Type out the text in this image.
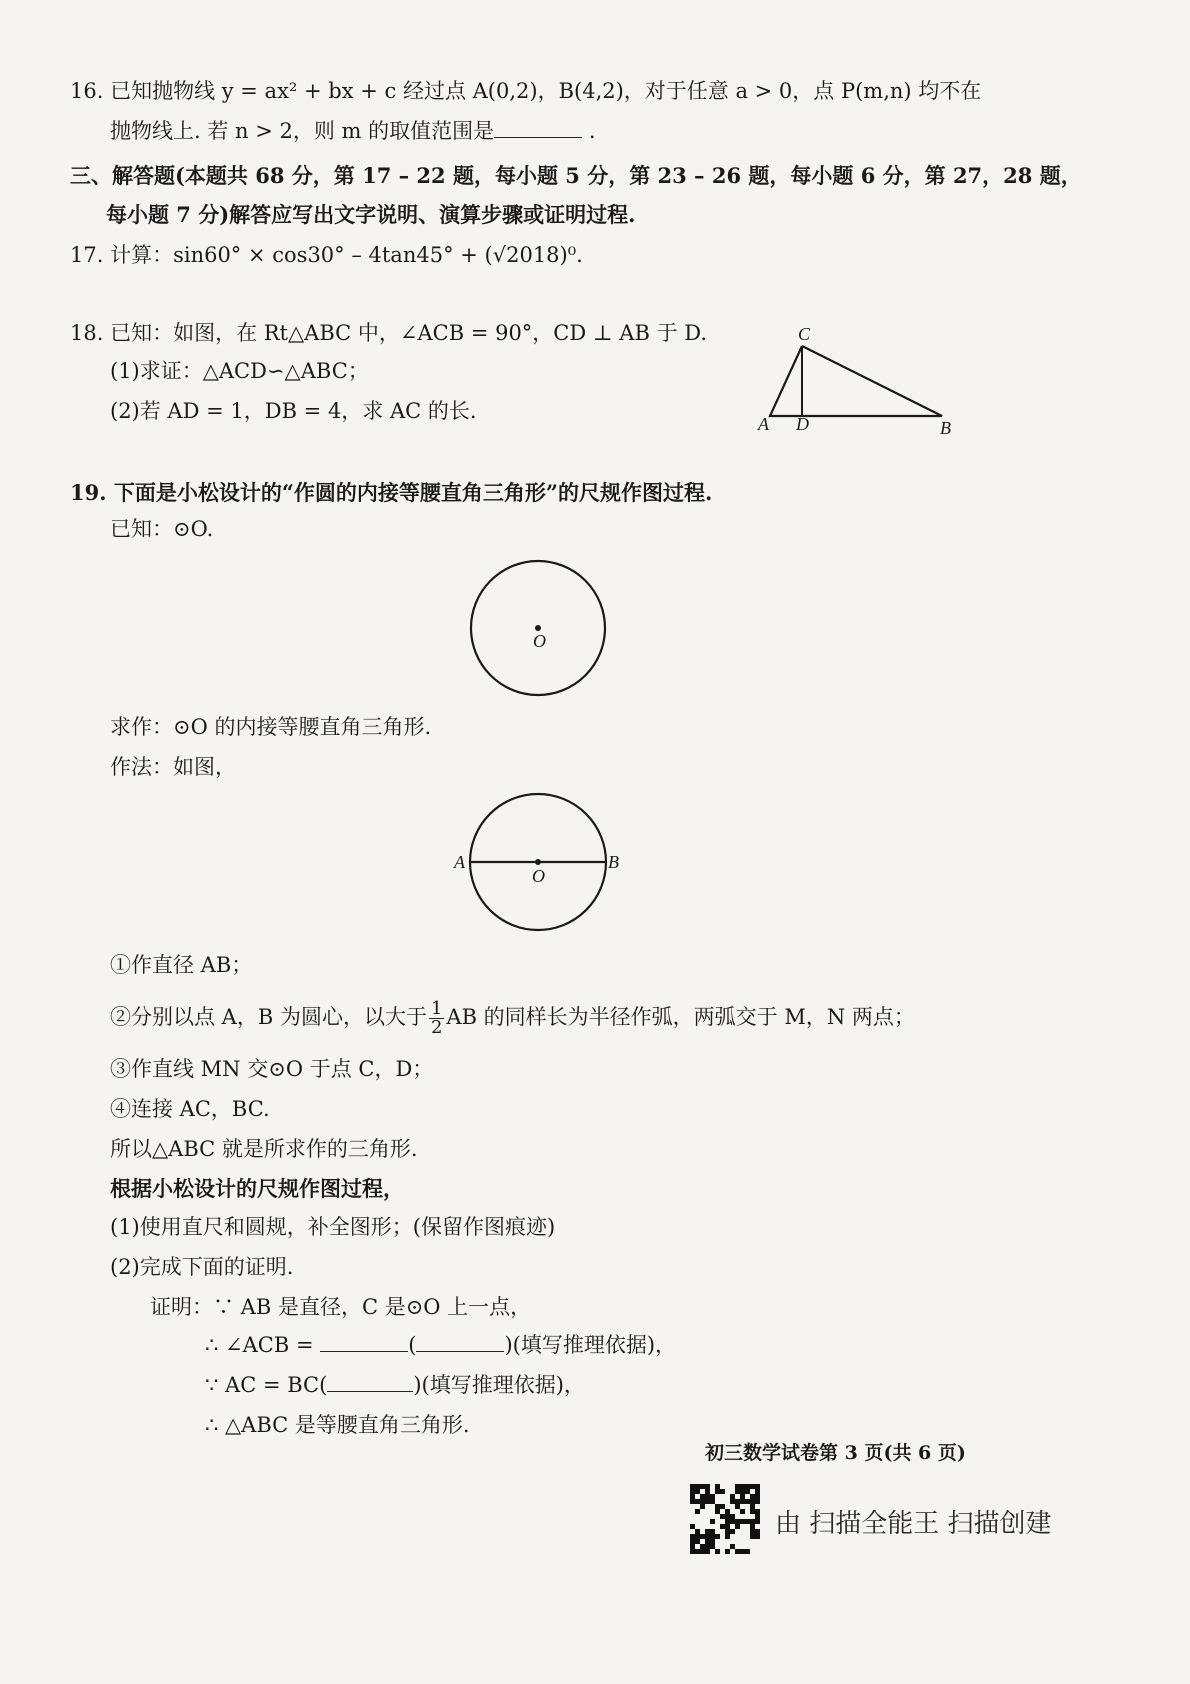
16. 已知抛物线 y = ax² + bx + c 经过点 A(0,2)，B(4,2)，对于任意 a > 0，点 P(m,n) 均不在
抛物线上. 若 n > 2，则 m 的取值范围是	.
三、解答题(本题共 68 分，第 17 – 22 题，每小题 5 分，第 23 – 26 题，每小题 6 分，第 27，28 题，
每小题 7 分)解答应写出文字说明、演算步骤或证明过程.
17. 计算：sin60° × cos30° – 4tan45° + (√2018)⁰.
18. 已知：如图，在 Rt△ABC 中，∠ACB = 90°，CD ⊥ AB 于 D.
(1)求证：△ACD∽△ABC；
(2)若 AD = 1，DB = 4，求 AC 的长.
C
A D	B
19. 下面是小松设计的“作圆的内接等腰直角三角形”的尺规作图过程.
已知：⊙O.
O
求作：⊙O 的内接等腰直角三角形.
作法：如图，
A
O
B
①作直径 AB；
②分别以点 A，B 为圆心，以大于 $\frac{1}{2}$ AB 的同样长为半径作弧，两弧交于 M，N 两点；
③作直线 MN 交⊙O 于点 C，D；
④连接 AC，BC.
所以△ABC 就是所求作的三角形.
根据小松设计的尺规作图过程，
(1)使用直尺和圆规，补全图形；(保留作图痕迹)
(2)完成下面的证明.
证明：∵ AB 是直径，C 是⊙O 上一点，
∴ ∠ACB =	(	)(填写推理依据)，
∵ AC = BC(	)(填写推理依据)，
∴ △ABC 是等腰直角三角形.
初三数学试卷第 3 页(共 6 页)
由 扫描全能王 扫描创建
